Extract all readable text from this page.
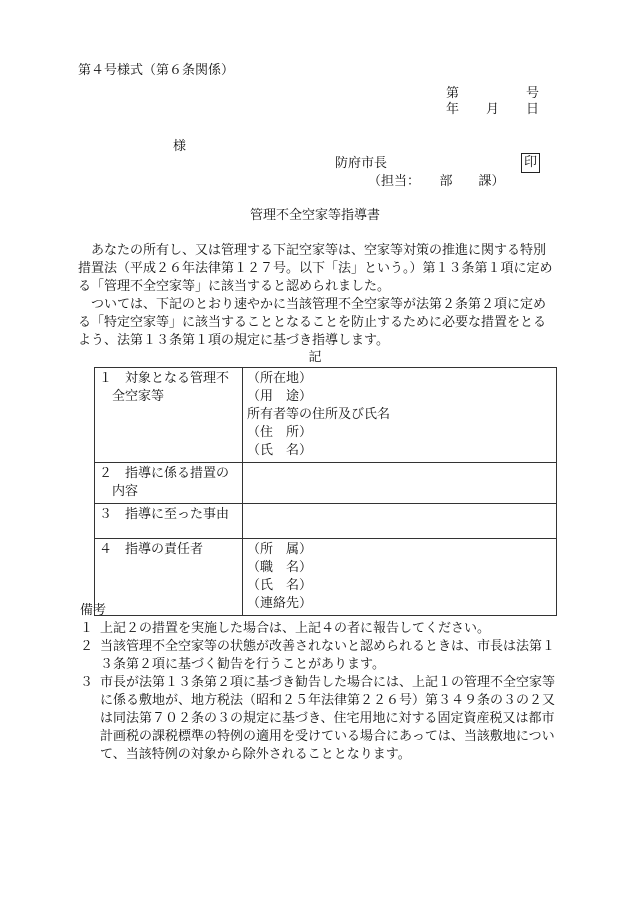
第４号様式（第６条関係）
第	号
年 月 日
様
防府市長	印
（担当：　　部　　課）
管理不全空家等指導書
　あなたの所有し、又は管理する下記空家等は、空家等対策の推進に関する特別措置法（平成２６年法律第１２７号。以下「法」という。）第１３条第１項に定める「管理不全空家等」に該当すると認められました。
　ついては、下記のとおり速やかに当該管理不全空家等が法第２条第２項に定める「特定空家等」に該当することとなることを防止するために必要な措置をとるよう、法第１３条第１項の規定に基づき指導します。
記
１　対象となる管理不全空家等	（所在地）
（用　途）
所有者等の住所及び氏名
（住　所）
（氏　名）

２　指導に係る措置の内容	

３　指導に至った事由	

４　指導の責任者	（所　属）
（職　名）
（氏　名）
（連絡先）
備考
１ 上記２の措置を実施した場合は、上記４の者に報告してください。
２ 当該管理不全空家等の状態が改善されないと認められるときは、市長は法第１３条第２項に基づく勧告を行うことがあります。
３ 市長が法第１３条第２項に基づき勧告した場合には、上記１の管理不全空家等に係る敷地が、地方税法（昭和２５年法律第２２６号）第３４９条の３の２又は同法第７０２条の３の規定に基づき、住宅用地に対する固定資産税又は都市計画税の課税標準の特例の適用を受けている場合にあっては、当該敷地について、当該特例の対象から除外されることとなります。
